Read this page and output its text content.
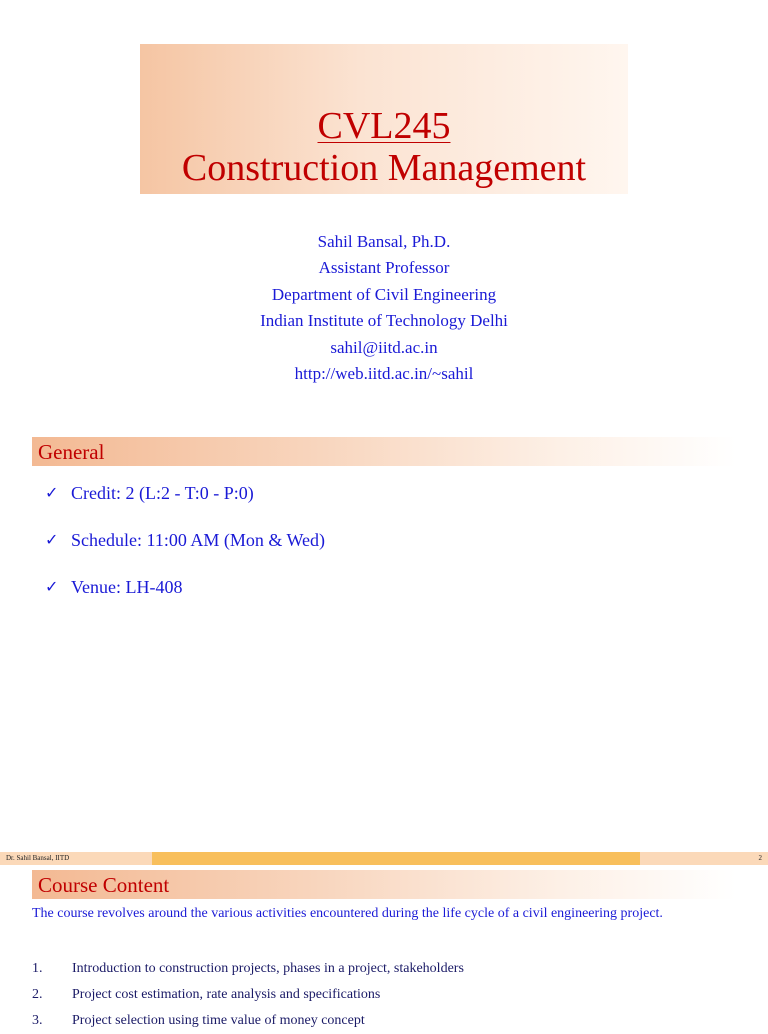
CVL245
Construction Management
Sahil Bansal, Ph.D.
Assistant Professor
Department of Civil Engineering
Indian Institute of Technology Delhi
sahil@iitd.ac.in
http://web.iitd.ac.in/~sahil
General
✓ Credit: 2 (L:2 - T:0 - P:0)
✓ Schedule: 11:00 AM (Mon & Wed)
✓ Venue: LH-408
Dr. Sahil Bansal, IITD	2
Course Content
The course revolves around the various activities encountered during the life cycle of a civil engineering project.
1. Introduction to construction projects, phases in a project, stakeholders
2. Project cost estimation, rate analysis and specifications
3. Project selection using time value of money concept
